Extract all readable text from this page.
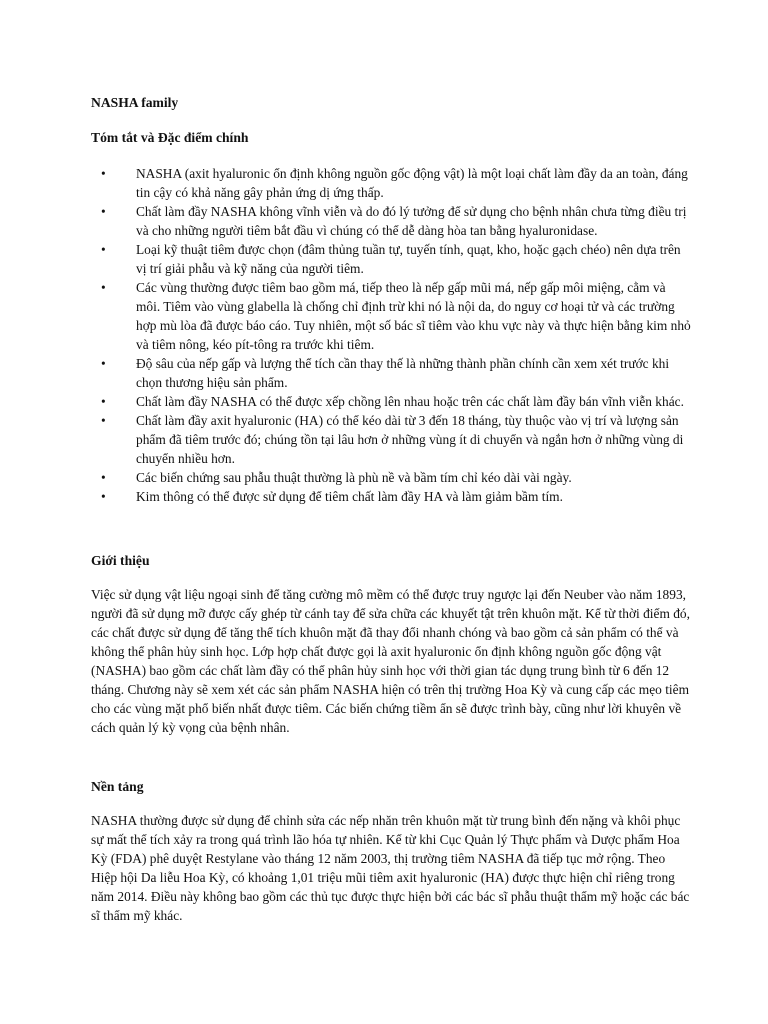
NASHA family
Tóm tắt và Đặc điểm chính
•	NASHA (axit hyaluronic ổn định không nguồn gốc động vật) là một loại chất làm đầy da an toàn, đáng tin cậy có khả năng gây phản ứng dị ứng thấp.
•	Chất làm đầy NASHA không vĩnh viễn và do đó lý tưởng để sử dụng cho bệnh nhân chưa từng điều trị và cho những người tiêm bắt đầu vì chúng có thể dễ dàng hòa tan bằng hyaluronidase.
•	Loại kỹ thuật tiêm được chọn (đâm thủng tuần tự, tuyến tính, quạt, kho, hoặc gạch chéo) nên dựa trên vị trí giải phẫu và kỹ năng của người tiêm.
•	Các vùng thường được tiêm bao gồm má, tiếp theo là nếp gấp mũi má, nếp gấp môi miệng, cằm và môi. Tiêm vào vùng glabella là chống chỉ định trừ khi nó là nội da, do nguy cơ hoại tử và các trường hợp mù lòa đã được báo cáo. Tuy nhiên, một số bác sĩ tiêm vào khu vực này và thực hiện bằng kim nhỏ và tiêm nông, kéo pít-tông ra trước khi tiêm.
•	Độ sâu của nếp gấp và lượng thể tích cần thay thế là những thành phần chính cần xem xét trước khi chọn thương hiệu sản phẩm.
•	Chất làm đầy NASHA có thể được xếp chồng lên nhau hoặc trên các chất làm đầy bán vĩnh viễn khác.
•	Chất làm đầy axit hyaluronic (HA) có thể kéo dài từ 3 đến 18 tháng, tùy thuộc vào vị trí và lượng sản phẩm đã tiêm trước đó; chúng tồn tại lâu hơn ở những vùng ít di chuyển và ngắn hơn ở những vùng di chuyển nhiều hơn.
•	Các biến chứng sau phẫu thuật thường là phù nề và bầm tím chỉ kéo dài vài ngày.
•	Kim thông có thể được sử dụng để tiêm chất làm đầy HA và làm giảm bầm tím.
Giới thiệu

Việc sử dụng vật liệu ngoại sinh để tăng cường mô mềm có thể được truy ngược lại đến Neuber vào năm 1893, người đã sử dụng mỡ được cấy ghép từ cánh tay để sửa chữa các khuyết tật trên khuôn mặt. Kể từ thời điểm đó, các chất được sử dụng để tăng thể tích khuôn mặt đã thay đổi nhanh chóng và bao gồm cả sản phẩm có thể và không thể phân hủy sinh học. Lớp hợp chất được gọi là axit hyaluronic ổn định không nguồn gốc động vật (NASHA) bao gồm các chất làm đầy có thể phân hủy sinh học với thời gian tác dụng trung bình từ 6 đến 12 tháng. Chương này sẽ xem xét các sản phẩm NASHA hiện có trên thị trường Hoa Kỳ và cung cấp các mẹo tiêm cho các vùng mặt phổ biến nhất được tiêm. Các biến chứng tiềm ẩn sẽ được trình bày, cũng như lời khuyên về cách quản lý kỳ vọng của bệnh nhân.

Nền tảng

NASHA thường được sử dụng để chỉnh sửa các nếp nhăn trên khuôn mặt từ trung bình đến nặng và khôi phục sự mất thể tích xảy ra trong quá trình lão hóa tự nhiên. Kể từ khi Cục Quản lý Thực phẩm và Dược phẩm Hoa Kỳ (FDA) phê duyệt Restylane vào tháng 12 năm 2003, thị trường tiêm NASHA đã tiếp tục mở rộng. Theo Hiệp hội Da liễu Hoa Kỳ, có khoảng 1,01 triệu mũi tiêm axit hyaluronic (HA) được thực hiện chỉ riêng trong năm 2014. Điều này không bao gồm các thủ tục được thực hiện bởi các bác sĩ phẫu thuật thẩm mỹ hoặc các bác sĩ thẩm mỹ khác.
